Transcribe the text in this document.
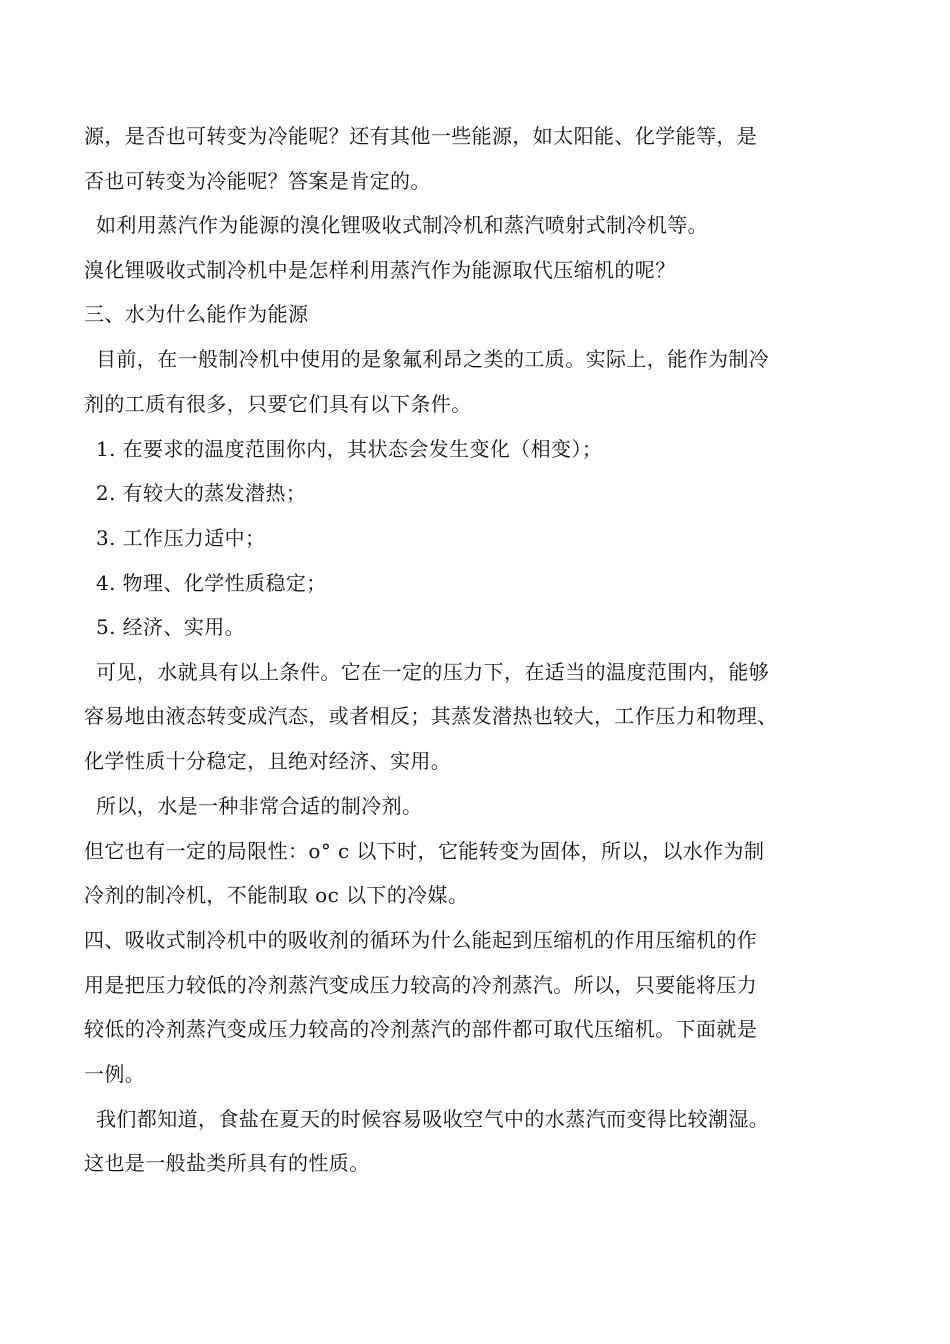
源，是否也可转变为冷能呢？还有其他一些能源，如太阳能、化学能等，是
否也可转变为冷能呢？答案是肯定的。
如利用蒸汽作为能源的溴化锂吸收式制冷机和蒸汽喷射式制冷机等。
溴化锂吸收式制冷机中是怎样利用蒸汽作为能源取代压缩机的呢？
三、水为什么能作为能源
目前，在一般制冷机中使用的是象氟利昂之类的工质。实际上，能作为制冷
剂的工质有很多，只要它们具有以下条件。
1. 在要求的温度范围你内，其状态会发生变化（相变）；
2. 有较大的蒸发潜热；
3. 工作压力适中；
4. 物理、化学性质稳定；
5. 经济、实用。
可见，水就具有以上条件。它在一定的压力下，在适当的温度范围内，能够
容易地由液态转变成汽态，或者相反；其蒸发潜热也较大，工作压力和物理、
化学性质十分稳定，且绝对经济、实用。
所以，水是一种非常合适的制冷剂。
但它也有一定的局限性：o° c 以下时，它能转变为固体，所以，以水作为制
冷剂的制冷机，不能制取 oc 以下的冷媒。
四、吸收式制冷机中的吸收剂的循环为什么能起到压缩机的作用压缩机的作
用是把压力较低的冷剂蒸汽变成压力较高的冷剂蒸汽。所以，只要能将压力
较低的冷剂蒸汽变成压力较高的冷剂蒸汽的部件都可取代压缩机。下面就是
一例。
我们都知道，食盐在夏天的时候容易吸收空气中的水蒸汽而变得比较潮湿。
这也是一般盐类所具有的性质。
